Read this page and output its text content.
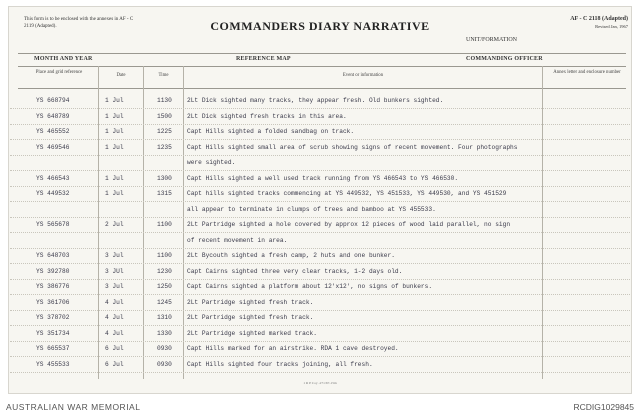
This form is to be enclosed with the annexes in AF - C 2119 (Adapted).	COMMANDERS DIARY NARRATIVE	AF - C 2118 (Adapted)
Revised Jan, 1967
UNIT/FORMATION
MONTH AND YEAR	REFERENCE MAP	COMMANDING OFFICER
Place and grid reference
Date	Time	Event or information
Annex letter and enclosure number
YS 668794	1 Jul	1130 2Lt Dick sighted many tracks, they appear fresh. Old bunkers sighted.
YS 648789	1 Jul	1500 2Lt Dick sighted fresh tracks in this area.
YS 465552	1 Jul	1225 Capt Hills sighted a folded sandbag on track.
YS 469546	1 Jul	1235 Capt Hills sighted small area of scrub showing signs of recent movement. Four photographs
were sighted.
YS 466543	1 Jul	1300 Capt Hills sighted a well used track running from YS 466543 to YS 466530.
YS 449532	1 Jul	1315 Capt hills sighted tracks commencing at YS 449532, YS 451533, YS 449530, and YS 451529
all appear to terminate in clumps of trees and bamboo at YS 455533.
YS 565678	2 Jul	1100 2Lt Partridge sighted a hole covered by approx 12 pieces of wood laid parallel, no sign
of recent movement in area.
YS 648703	3 Jul	1100 2Lt Bycouth sighted a fresh camp, 2 huts and one bunker.
YS 392780	3 JUl	1230 Capt Cairns sighted three very clear tracks, 1-2 days old.
YS 386776	3 Jul	1250 Capt Cairns sighted a platform about 12'x12', no signs of bunkers.
YS 361706	4 Jul	1245 2Lt Partridge sighted fresh track.
YS 378702	4 Jul	1310 2Lt Partridge sighted fresh track.
YS 351734	4 Jul	1330 2Lt Partridge sighted marked track.
YS 665537	6 Jul	0930 Capt Hills marked for an airstrike. RDA 1 cave destroyed.
YS 455533	6 Jul	0930 Capt Hills sighted four tracks joining, all fresh.
1 R P Coy -271/67-15m
AUSTRALIAN WAR MEMORIAL	RCDIG1029845
